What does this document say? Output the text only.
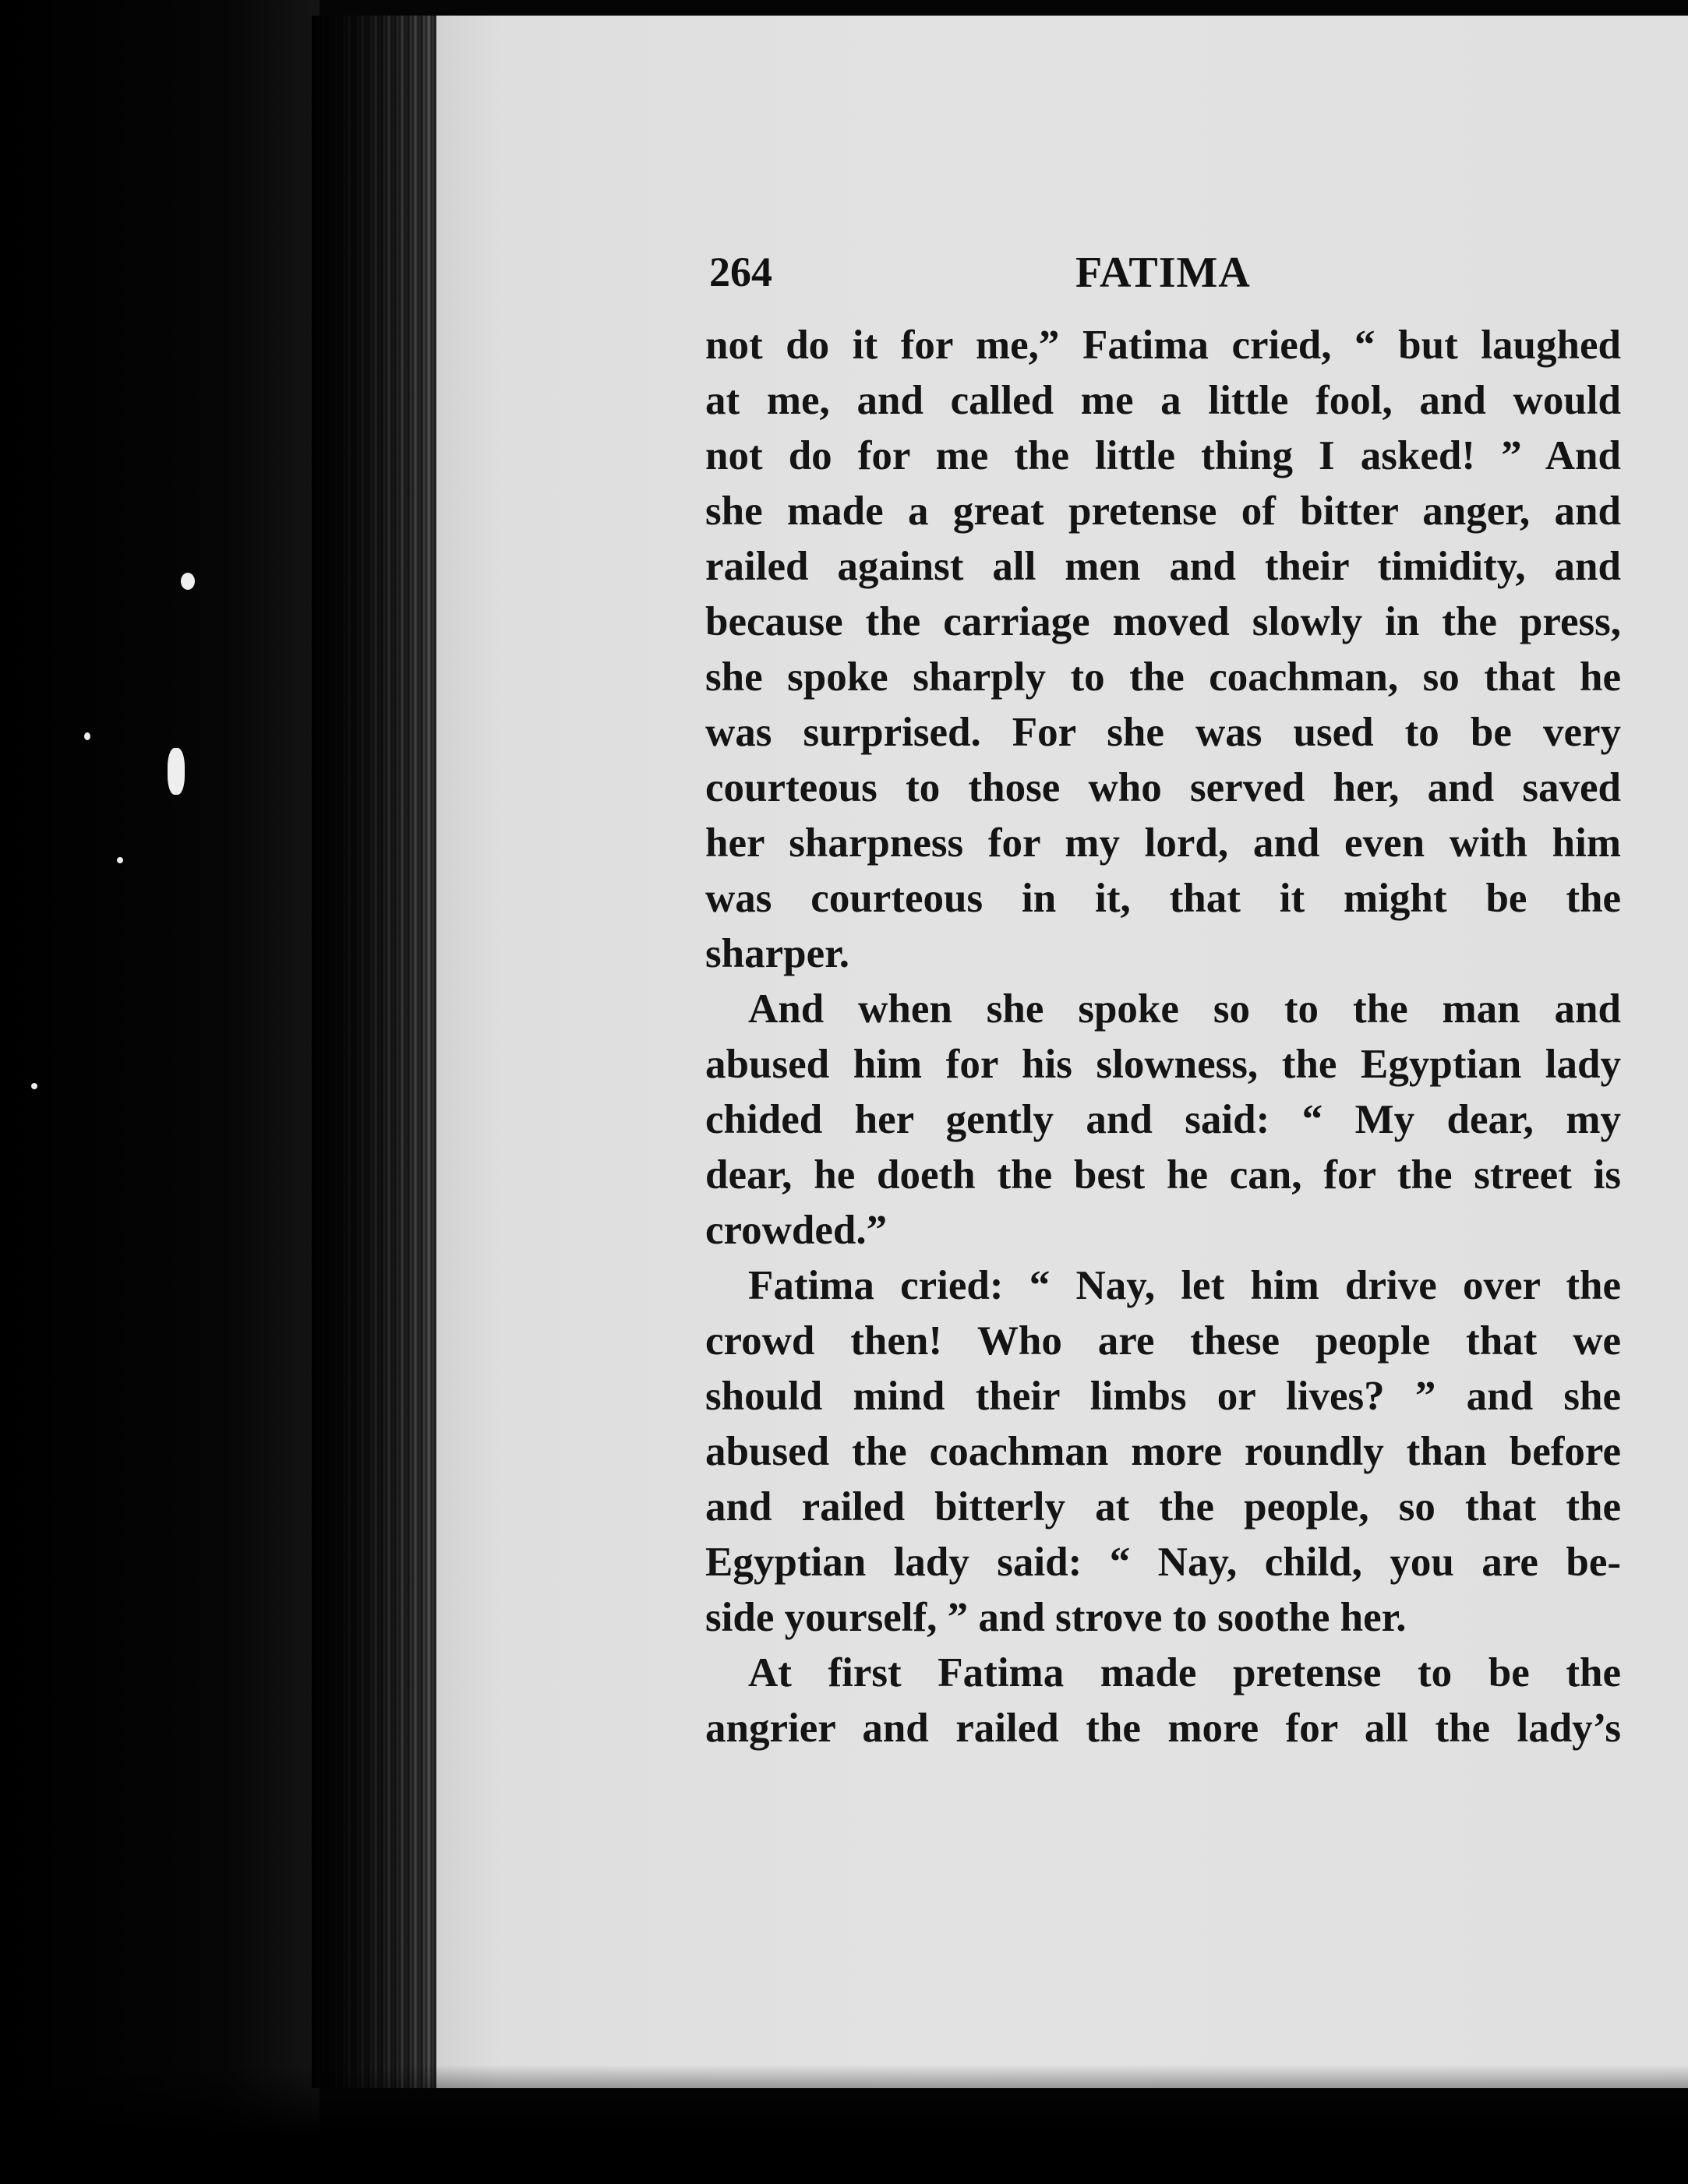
264	FATIMA
not do it for me,” Fatima cried, “ but laughed
at me, and called me a little fool, and would
not do for me the little thing I asked! ” And
she made a great pretense of bitter anger, and
railed against all men and their timidity, and
because the carriage moved slowly in the press,
she spoke sharply to the coachman, so that he
was surprised. For she was used to be very
courteous to those who served her, and saved
her sharpness for my lord, and even with him
was courteous in it, that it might be the
sharper.
And when she spoke so to the man and
abused him for his slowness, the Egyptian lady
chided her gently and said: “ My dear, my
dear, he doeth the best he can, for the street is
crowded.”
Fatima cried: “ Nay, let him drive over the
crowd then! Who are these people that we
should mind their limbs or lives? ” and she
abused the coachman more roundly than before
and railed bitterly at the people, so that the
Egyptian lady said: “ Nay, child, you are be-
side yourself, ” and strove to soothe her.
At first Fatima made pretense to be the
angrier and railed the more for all the lady’s
